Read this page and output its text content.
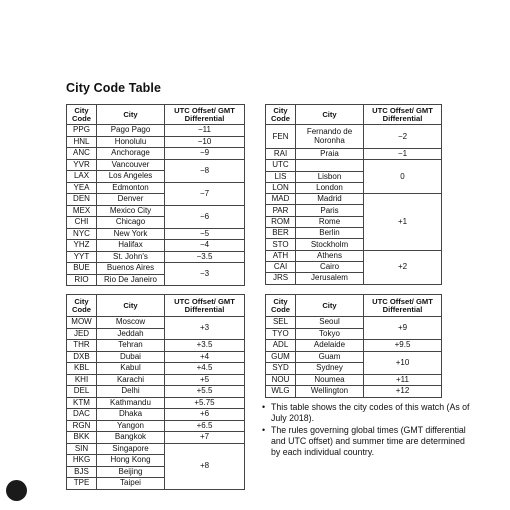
City Code Table
City Code	City	UTC Offset/ GMT Differential
PPG	Pago Pago	−11
HNL	Honolulu	−10
ANC	Anchorage	−9
YVR	Vancouver	−8
LAX	Los Angeles	
YEA	Edmonton	−7
DEN	Denver	
MEX	Mexico City	−6
CHI	Chicago	
NYC	New York	−5
YHZ	Halifax	−4
YYT	St. John's	−3.5
BUE	Buenos Aires	−3
RIO	Rio De Janeiro	
City Code	City	UTC Offset/ GMT Differential
FEN	Fernando de Noronha	−2
RAI	Praia	−1
UTC		0
LIS	Lisbon	
LON	London	
MAD	Madrid	+1
PAR	Paris	
ROM	Rome	
BER	Berlin	
STO	Stockholm	
ATH	Athens	+2
CAI	Cairo	
JRS	Jerusalem	
City Code	City	UTC Offset/ GMT Differential
MOW	Moscow	+3
JED	Jeddah	
THR	Tehran	+3.5
DXB	Dubai	+4
KBL	Kabul	+4.5
KHI	Karachi	+5
DEL	Delhi	+5.5
KTM	Kathmandu	+5.75
DAC	Dhaka	+6
RGN	Yangon	+6.5
BKK	Bangkok	+7
SIN	Singapore	+8
HKG	Hong Kong	
BJS	Beijing	
TPE	Taipei	
City Code	City	UTC Offset/ GMT Differential
SEL	Seoul	+9
TYO	Tokyo	
ADL	Adelaide	+9.5
GUM	Guam	+10
SYD	Sydney	
NOU	Noumea	+11
WLG	Wellington	+12
• This table shows the city codes of this watch (As of July 2018).
• The rules governing global times (GMT differential and UTC offset) and summer time are determined by each individual country.
